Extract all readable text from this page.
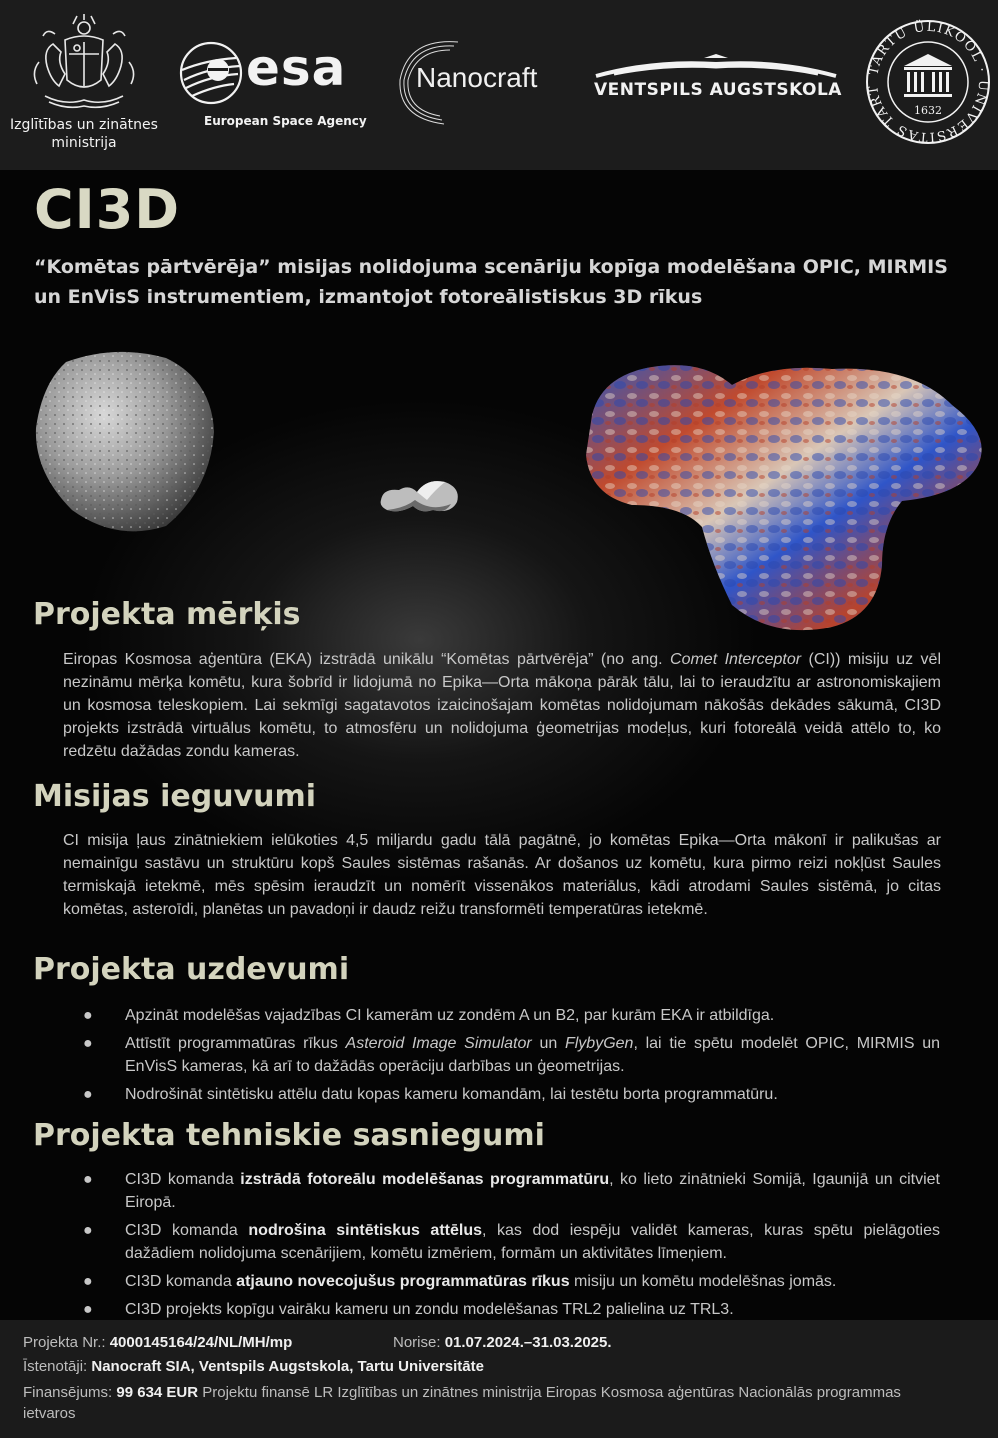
Izglītības un zinātnes
ministrija
esa
European Space Agency
Nanocraft	VENTSPILS AUGSTSKOLA
TARTU ÜLIKOOL · UNIVERSITAS TART
1632
CI3D
“Komētas pārtvērēja” misijas nolidojuma scenāriju kopīga modelēšana OPIC, MIRMIS un EnVisS instrumentiem, izmantojot fotoreālistiskus 3D rīkus
Projekta mērķis

Eiropas Kosmosa aģentūra (EKA) izstrādā unikālu “Komētas pārtvērēja” (no ang. Comet Interceptor (CI)) misiju uz vēl nezināmu mērķa komētu, kura šobrīd ir lidojumā no Epika—Orta mākoņa pārāk tālu, lai to ieraudzītu ar astronomiskajiem un kosmosa teleskopiem. Lai sekmīgi sagatavotos izaicinošajam komētas nolidojumam nākošās dekādes sākumā, CI3D projekts izstrādā virtuālus komētu, to atmosfēru un nolidojuma ģeometrijas modeļus, kuri fotoreālā veidā attēlo to, ko redzētu dažādas zondu kameras.

Misijas ieguvumi

CI misija ļaus zinātniekiem ielūkoties 4,5 miljardu gadu tālā pagātnē, jo komētas Epika—Orta mākonī ir palikušas ar nemainīgu sastāvu un struktūru kopš Saules sistēmas rašanās. Ar došanos uz komētu, kura pirmo reizi nokļūst Saules termiskajā ietekmē, mēs spēsim ieraudzīt un nomērīt vissenākos materiālus, kādi atrodami Saules sistēmā, jo citas komētas, asteroīdi, planētas un pavadoņi ir daudz reižu transformēti temperatūras ietekmē.

Projekta uzdevumi
● Apzināt modelēšas vajadzības CI kamerām uz zondēm A un B2, par kurām EKA ir atbildīga.
● Attīstīt programmatūras rīkus Asteroid Image Simulator un FlybyGen, lai tie spētu modelēt OPIC, MIRMIS un EnVisS kameras, kā arī to dažādās operāciju darbības un ģeometrijas.
● Nodrošināt sintētisku attēlu datu kopas kameru komandām, lai testētu borta programmatūru.
Projekta tehniskie sasniegumi
● CI3D komanda izstrādā fotoreālu modelēšanas programmatūru, ko lieto zinātnieki Somijā, Igaunijā un citviet Eiropā.
● CI3D komanda nodrošina sintētiskus attēlus, kas dod iespēju validēt kameras, kuras spētu pielāgoties dažādiem nolidojuma scenārijiem, komētu izmēriem, formām un aktivitātes līmeņiem.
● CI3D komanda atjauno novecojušus programmatūras rīkus misiju un komētu modelēšnas jomās.
● CI3D projekts kopīgu vairāku kameru un zondu modelēšanas TRL2 palielina uz TRL3.
Projekta Nr.: 4000145164/24/NL/MH/mp	Norise: 01.07.2024.–31.03.2025.
Īstenotāji: Nanocraft SIA, Ventspils Augstskola, Tartu Universitāte
Finansējums: 99 634 EUR Projektu finansē LR Izglītības un zinātnes ministrija Eiropas Kosmosa aģentūras Nacionālās programmas ietvaros
